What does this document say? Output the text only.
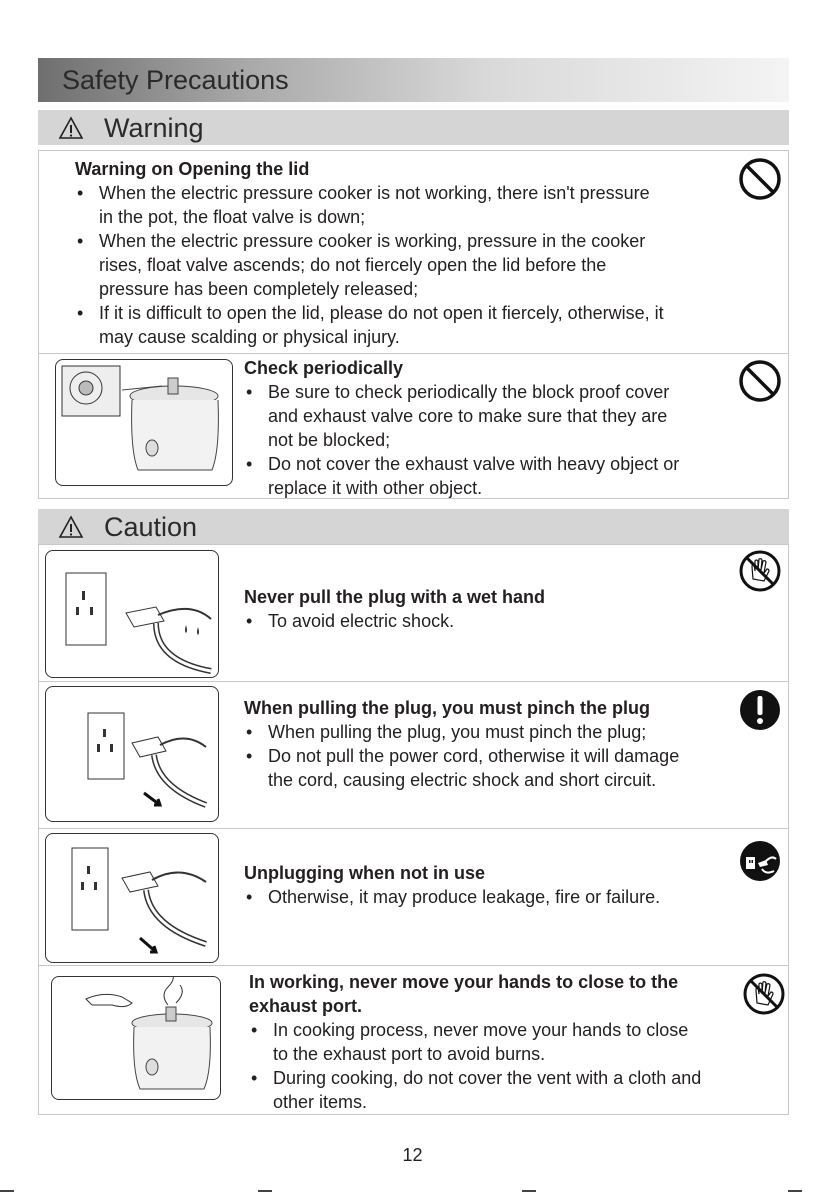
Safety Precautions
Warning
Warning on Opening the lid
• When the electric pressure cooker is not working, there isn't pressure
in the pot, the float valve is down;
• When the electric pressure cooker is working, pressure in the cooker
rises, float valve ascends; do not fiercely open the lid before the
pressure has been completely released;
• If it is difficult to open the lid, please do not open it fiercely, otherwise, it
may cause scalding or physical injury.
Check periodically
• Be sure to check periodically the block proof cover
and exhaust valve core to make sure that they are
not be blocked;
• Do not cover the exhaust valve with heavy object or
replace it with other object.
Caution
Never pull the plug with a wet hand
• To avoid electric shock.
When pulling the plug, you must pinch the plug
• When pulling the plug, you must pinch the plug;
• Do not pull the power cord, otherwise it will damage
the cord, causing electric shock and short circuit.
Unplugging when not in use
• Otherwise, it may produce leakage, fire or failure.
In working, never move your hands to close to the
exhaust port.
• In cooking process, never move your hands to close
to the exhaust port to avoid burns.
• During cooking, do not cover the vent with a cloth and
other items.
12
